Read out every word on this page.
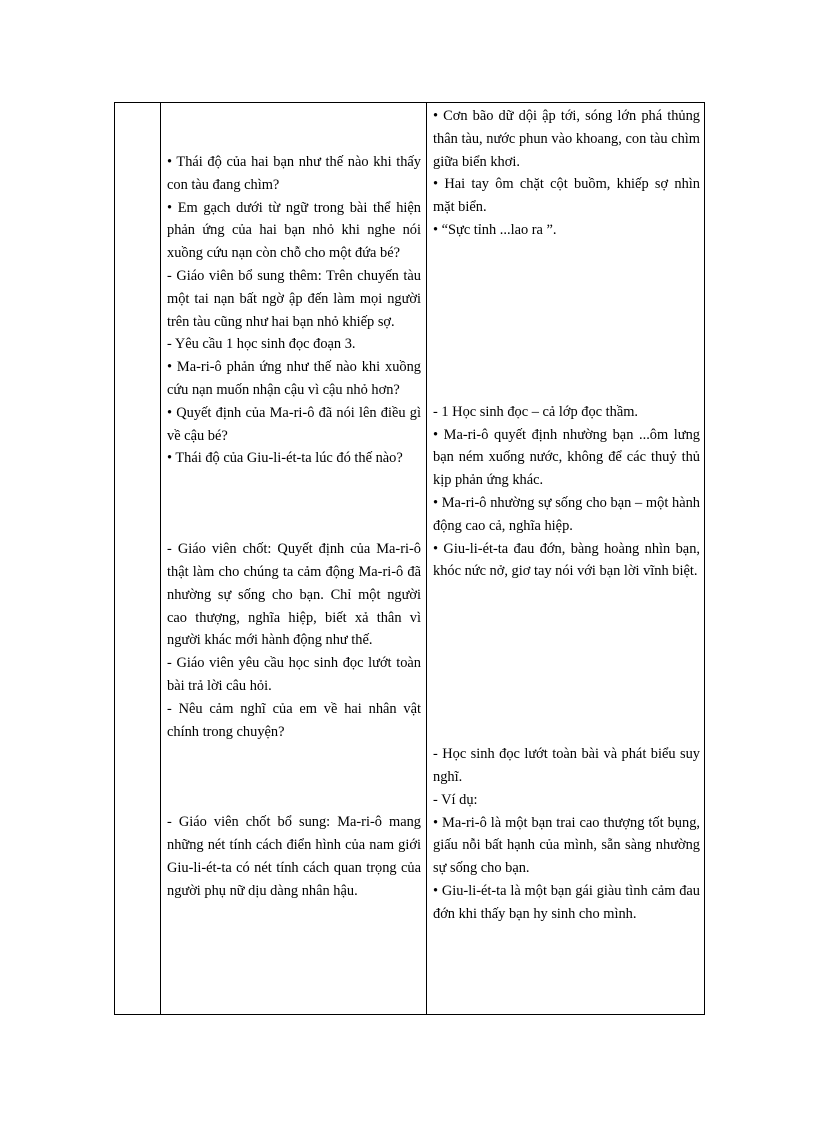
• Thái độ của hai bạn như thế nào khi thấy con tàu đang chìm?

• Em gạch dưới từ ngữ trong bài thể hiện phản ứng của hai bạn nhỏ khi nghe nói xuồng cứu nạn còn chỗ cho một đứa bé?

- Giáo viên bổ sung thêm: Trên chuyến tàu một tai nạn bất ngờ ập đến làm mọi người trên tàu cũng như hai bạn nhỏ khiếp sợ.

- Yêu cầu 1 học sinh đọc đoạn 3.

• Ma-ri-ô phản ứng như thế nào khi xuồng cứu nạn muốn nhận cậu vì cậu nhỏ hơn?

• Quyết định của Ma-ri-ô đã nói lên điều gì về cậu bé?

• Thái độ của Giu-li-ét-ta lúc đó thế nào?

- Giáo viên chốt: Quyết định của Ma-ri-ô thật làm cho chúng ta cảm động Ma-ri-ô đã nhường sự sống cho bạn. Chỉ một người cao thượng, nghĩa hiệp, biết xả thân vì người khác mới hành động như thế.

- Giáo viên yêu cầu học sinh đọc lướt toàn bài trả lời câu hỏi.

- Nêu cảm nghĩ của em về hai nhân vật chính trong chuyện?

- Giáo viên chốt bổ sung: Ma-ri-ô mang những nét tính cách điển hình của nam giới Giu-li-ét-ta có nét tính cách quan trọng của người phụ nữ dịu dàng nhân hậu.

• Cơn bão dữ dội ập tới, sóng lớn phá thủng thân tàu, nước phun vào khoang, con tàu chìm giữa biển khơi.

• Hai tay ôm chặt cột buồm, khiếp sợ nhìn mặt biển.

• “Sực tỉnh ...lao ra ”.

- 1 Học sinh đọc – cả lớp đọc thầm.

• Ma-ri-ô quyết định nhường bạn ...ôm lưng bạn ném xuống nước, không để các thuỷ thủ kịp phản ứng khác.

• Ma-ri-ô nhường sự sống cho bạn – một hành động cao cả, nghĩa hiệp.

• Giu-li-ét-ta đau đớn, bàng hoàng nhìn bạn, khóc nức nở, giơ tay nói với bạn lời vĩnh biệt.

- Học sinh đọc lướt toàn bài và phát biểu suy nghĩ.

- Ví dụ:

• Ma-ri-ô là một bạn trai cao thượng tốt bụng, giấu nỗi bất hạnh của mình, sẵn sàng nhường sự sống cho bạn.

• Giu-li-ét-ta là một bạn gái giàu tình cảm đau đớn khi thấy bạn hy sinh cho mình.
